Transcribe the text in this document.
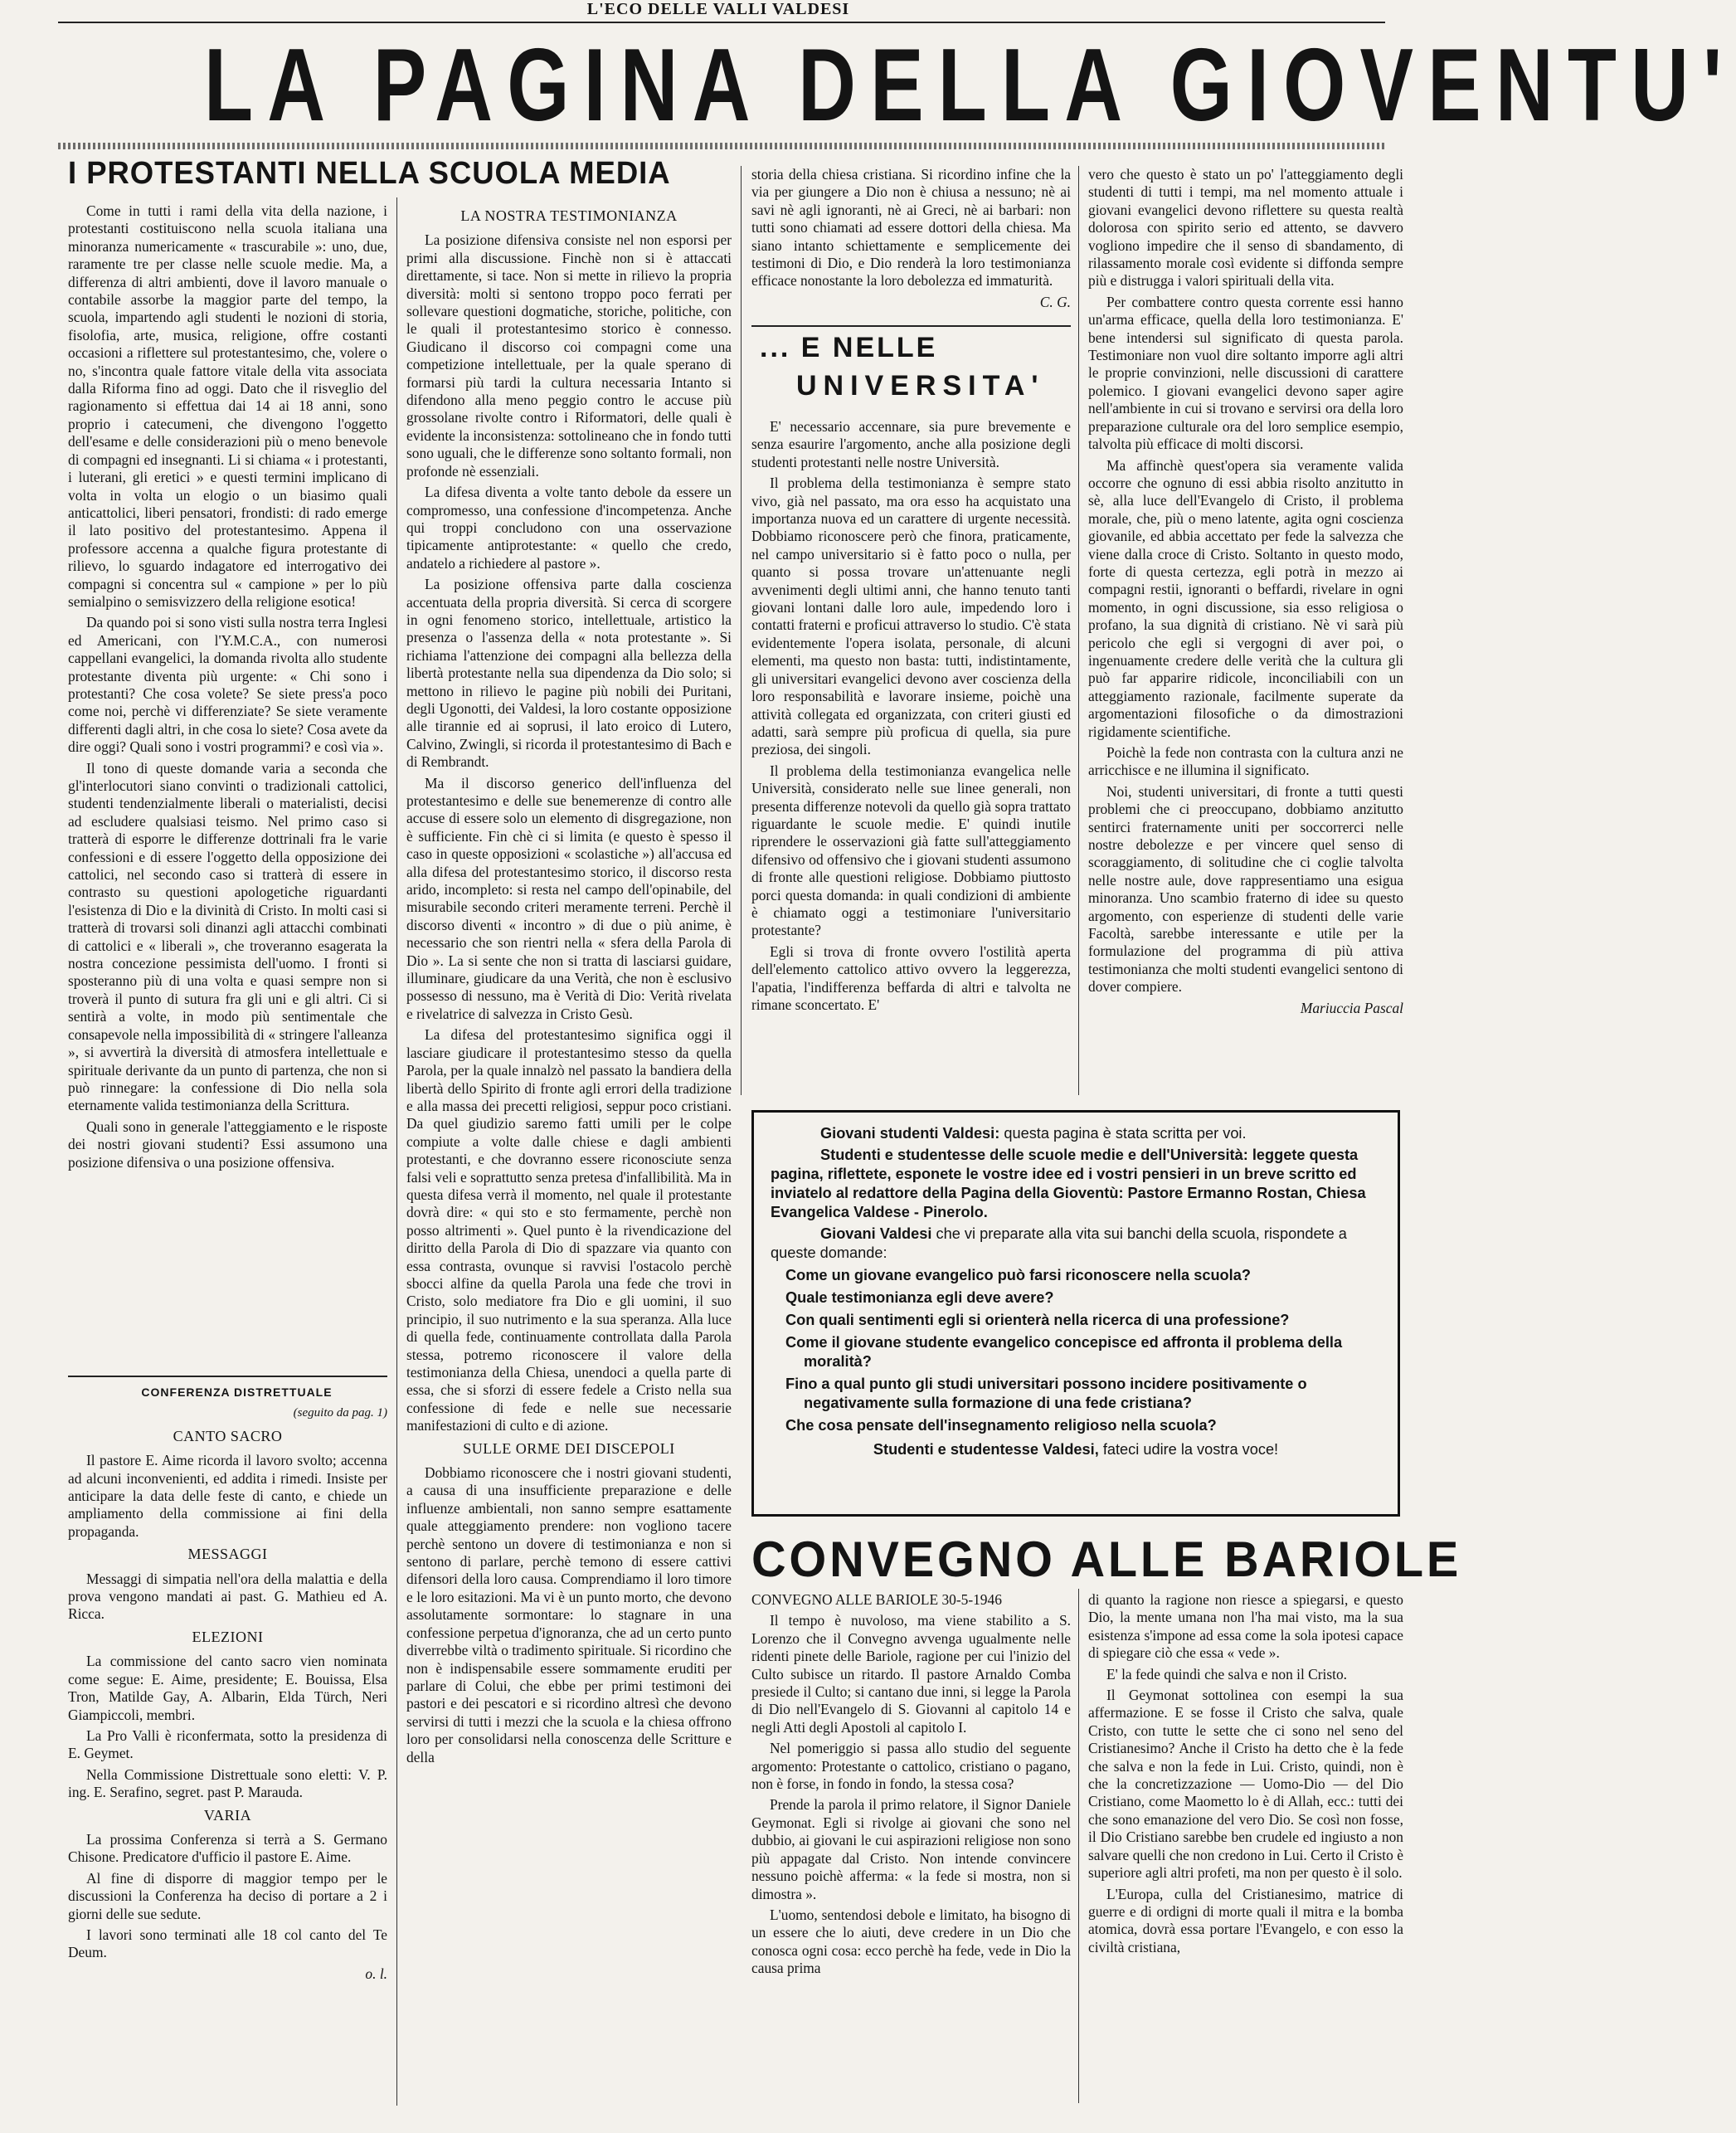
L'ECO DELLE VALLI VALDESI
LA PAGINA DELLA GIOVENTU'
I PROTESTANTI NELLA SCUOLA MEDIA

Come in tutti i rami della vita della nazione, i protestanti costituiscono nella scuola italiana una minoranza numericamente « trascurabile »: uno, due, raramente tre per classe nelle scuole medie. Ma, a differenza di altri ambienti, dove il lavoro manuale o contabile assorbe la maggior parte del tempo, la scuola, impartendo agli studenti le nozioni di storia, fisolofia, arte, musica, religione, offre costanti occasioni a riflettere sul protestantesimo, che, volere o no, s'incontra quale fattore vitale della vita associata dalla Riforma fino ad oggi. Dato che il risveglio del ragionamento si effettua dai 14 ai 18 anni, sono proprio i catecumeni, che divengono l'oggetto dell'esame e delle considerazioni più o meno benevole di compagni ed insegnanti. Li si chiama « i protestanti, i luterani, gli eretici » e questi termini implicano di volta in volta un elogio o un biasimo quali anticattolici, liberi pensatori, frondisti: di rado emerge il lato positivo del protestantesimo. Appena il professore accenna a qualche figura protestante di rilievo, lo sguardo indagatore ed interrogativo dei compagni si concentra sul « campione » per lo più semialpino o semisvizzero della religione esotica!

Da quando poi si sono visti sulla nostra terra Inglesi ed Americani, con l'Y.M.C.A., con numerosi cappellani evangelici, la domanda rivolta allo studente protestante diventa più urgente: « Chi sono i protestanti? Che cosa volete? Se siete press'a poco come noi, perchè vi differenziate? Se siete veramente differenti dagli altri, in che cosa lo siete? Cosa avete da dire oggi? Quali sono i vostri programmi? e così via ».

Il tono di queste domande varia a seconda che gl'interlocutori siano convinti o tradizionali cattolici, studenti tendenzialmente liberali o materialisti, decisi ad escludere qualsiasi teismo. Nel primo caso si tratterà di esporre le differenze dottrinali fra le varie confessioni e di essere l'oggetto della opposizione dei cattolici, nel secondo caso si tratterà di essere in contrasto su questioni apologetiche riguardanti l'esistenza di Dio e la divinità di Cristo. In molti casi si tratterà di trovarsi soli dinanzi agli attacchi combinati di cattolici e « liberali », che troveranno esagerata la nostra concezione pessimista dell'uomo. I fronti si sposteranno più di una volta e quasi sempre non si troverà il punto di sutura fra gli uni e gli altri. Ci si sentirà a volte, in modo più sentimentale che consapevole nella impossibilità di « stringere l'alleanza », si avvertirà la diversità di atmosfera intellettuale e spirituale derivante da un punto di partenza, che non si può rinnegare: la confessione di Dio nella sola eternamente valida testimonianza della Scrittura.

Quali sono in generale l'atteggiamento e le risposte dei nostri giovani studenti? Essi assumono una posizione difensiva o una posizione offensiva.

CONFERENZA DISTRETTUALE

(seguito da pag. 1)

CANTO SACRO

Il pastore E. Aime ricorda il lavoro svolto; accenna ad alcuni inconvenienti, ed addita i rimedi. Insiste per anticipare la data delle feste di canto, e chiede un ampliamento della commissione ai fini della propaganda.

MESSAGGI

Messaggi di simpatia nell'ora della malattia e della prova vengono mandati ai past. G. Mathieu ed A. Ricca.

ELEZIONI

La commissione del canto sacro vien nominata come segue: E. Aime, presidente; E. Bouissa, Elsa Tron, Matilde Gay, A. Albarin, Elda Türch, Neri Giampiccoli, membri.

La Pro Valli è riconfermata, sotto la presidenza di E. Geymet.

Nella Commissione Distrettuale sono eletti: V. P. ing. E. Serafino, segret. past P. Marauda.

VARIA

La prossima Conferenza si terrà a S. Germano Chisone. Predicatore d'ufficio il pastore E. Aime.

Al fine di disporre di maggior tempo per le discussioni la Conferenza ha deciso di portare a 2 i giorni delle sue sedute.

I lavori sono terminati alle 18 col canto del Te Deum.

o. l.

LA NOSTRA TESTIMONIANZA

La posizione difensiva consiste nel non esporsi per primi alla discussione. Finchè non si è attaccati direttamente, si tace. Non si mette in rilievo la propria diversità: molti si sentono troppo poco ferrati per sollevare questioni dogmatiche, storiche, politiche, con le quali il protestantesimo storico è connesso. Giudicano il discorso coi compagni come una competizione intellettuale, per la quale sperano di formarsi più tardi la cultura necessaria Intanto si difendono alla meno peggio contro le accuse più grossolane rivolte contro i Riformatori, delle quali è evidente la inconsistenza: sottolineano che in fondo tutti sono uguali, che le differenze sono soltanto formali, non profonde nè essenziali.

La difesa diventa a volte tanto debole da essere un compromesso, una confessione d'incompetenza. Anche qui troppi concludono con una osservazione tipicamente antiprotestante: « quello che credo, andatelo a richiedere al pastore ».

La posizione offensiva parte dalla coscienza accentuata della propria diversità. Si cerca di scorgere in ogni fenomeno storico, intellettuale, artistico la presenza o l'assenza della « nota protestante ». Si richiama l'attenzione dei compagni alla bellezza della libertà protestante nella sua dipendenza da Dio solo; si mettono in rilievo le pagine più nobili dei Puritani, degli Ugonotti, dei Valdesi, la loro costante opposizione alle tirannie ed ai soprusi, il lato eroico di Lutero, Calvino, Zwingli, si ricorda il protestantesimo di Bach e di Rembrandt.

Ma il discorso generico dell'influenza del protestantesimo e delle sue benemerenze di contro alle accuse di essere solo un elemento di disgregazione, non è sufficiente. Fin chè ci si limita (e questo è spesso il caso in queste opposizioni « scolastiche ») all'accusa ed alla difesa del protestantesimo storico, il discorso resta arido, incompleto: si resta nel campo dell'opinabile, del misurabile secondo criteri meramente terreni. Perchè il discorso diventi « incontro » di due o più anime, è necessario che son rientri nella « sfera della Parola di Dio ». La si sente che non si tratta di lasciarsi guidare, illuminare, giudicare da una Verità, che non è esclusivo possesso di nessuno, ma è Verità di Dio: Verità rivelata e rivelatrice di salvezza in Cristo Gesù.

La difesa del protestantesimo significa oggi il lasciare giudicare il protestantesimo stesso da quella Parola, per la quale innalzò nel passato la bandiera della libertà dello Spirito di fronte agli errori della tradizione e alla massa dei precetti religiosi, seppur poco cristiani. Da quel giudizio saremo fatti umili per le colpe compiute a volte dalle chiese e dagli ambienti protestanti, e che dovranno essere riconosciute senza falsi veli e soprattutto senza pretesa d'infallibilità. Ma in questa difesa verrà il momento, nel quale il protestante dovrà dire: « qui sto e sto fermamente, perchè non posso altrimenti ». Quel punto è la rivendicazione del diritto della Parola di Dio di spazzare via quanto con essa contrasta, ovunque si ravvisi l'ostacolo perchè sbocci alfine da quella Parola una fede che trovi in Cristo, solo mediatore fra Dio e gli uomini, il suo principio, il suo nutrimento e la sua speranza. Alla luce di quella fede, continuamente controllata dalla Parola stessa, potremo riconoscere il valore della testimonianza della Chiesa, unendoci a quella parte di essa, che si sforzi di essere fedele a Cristo nella sua confessione di fede e nelle sue necessarie manifestazioni di culto e di azione.

SULLE ORME DEI DISCEPOLI

Dobbiamo riconoscere che i nostri giovani studenti, a causa di una insufficiente preparazione e delle influenze ambientali, non sanno sempre esattamente quale atteggiamento prendere: non vogliono tacere perchè sentono un dovere di testimonianza e non si sentono di parlare, perchè temono di essere cattivi difensori della loro causa. Comprendiamo il loro timore e le loro esitazioni. Ma vi è un punto morto, che devono assolutamente sormontare: lo stagnare in una confessione perpetua d'ignoranza, che ad un certo punto diverrebbe viltà o tradimento spirituale. Si ricordino che non è indispensabile essere sommamente eruditi per parlare di Colui, che ebbe per primi testimoni dei pastori e dei pescatori e si ricordino altresì che devono servirsi di tutti i mezzi che la scuola e la chiesa offrono loro per consolidarsi nella conoscenza delle Scritture e della

storia della chiesa cristiana. Si ricordino infine che la via per giungere a Dio non è chiusa a nessuno; nè ai savi nè agli ignoranti, nè ai Greci, nè ai barbari: non tutti sono chiamati ad essere dottori della chiesa. Ma siano intanto schiettamente e semplicemente dei testimoni di Dio, e Dio renderà la loro testimonianza efficace nonostante la loro debolezza ed immaturità.

C. G.

... E NELLE
UNIVERSITA'

E' necessario accennare, sia pure brevemente e senza esaurire l'argomento, anche alla posizione degli studenti protestanti nelle nostre Università.

Il problema della testimonianza è sempre stato vivo, già nel passato, ma ora esso ha acquistato una importanza nuova ed un carattere di urgente necessità. Dobbiamo riconoscere però che finora, praticamente, nel campo universitario si è fatto poco o nulla, per quanto si possa trovare un'attenuante negli avvenimenti degli ultimi anni, che hanno tenuto tanti giovani lontani dalle loro aule, impedendo loro i contatti fraterni e proficui attraverso lo studio. C'è stata evidentemente l'opera isolata, personale, di alcuni elementi, ma questo non basta: tutti, indistintamente, gli universitari evangelici devono aver coscienza della loro responsabilità e lavorare insieme, poichè una attività collegata ed organizzata, con criteri giusti ed adatti, sarà sempre più proficua di quella, sia pure preziosa, dei singoli.

Il problema della testimonianza evangelica nelle Università, considerato nelle sue linee generali, non presenta differenze notevoli da quello già sopra trattato riguardante le scuole medie. E' quindi inutile riprendere le osservazioni già fatte sull'atteggiamento difensivo od offensivo che i giovani studenti assumono di fronte alle questioni religiose. Dobbiamo piuttosto porci questa domanda: in quali condizioni di ambiente è chiamato oggi a testimoniare l'universitario protestante?

Egli si trova di fronte ovvero l'ostilità aperta dell'elemento cattolico attivo ovvero la leggerezza, l'apatia, l'indifferenza beffarda di altri e talvolta ne rimane sconcertato. E'

vero che questo è stato un po' l'atteggiamento degli studenti di tutti i tempi, ma nel momento attuale i giovani evangelici devono riflettere su questa realtà dolorosa con spirito serio ed attento, se davvero vogliono impedire che il senso di sbandamento, di rilassamento morale così evidente si diffonda sempre più e distrugga i valori spirituali della vita.

Per combattere contro questa corrente essi hanno un'arma efficace, quella della loro testimonianza. E' bene intendersi sul significato di questa parola. Testimoniare non vuol dire soltanto imporre agli altri le proprie convinzioni, nelle discussioni di carattere polemico. I giovani evangelici devono saper agire nell'ambiente in cui si trovano e servirsi ora della loro preparazione culturale ora del loro semplice esempio, talvolta più efficace di molti discorsi.

Ma affinchè quest'opera sia veramente valida occorre che ognuno di essi abbia risolto anzitutto in sè, alla luce dell'Evangelo di Cristo, il problema morale, che, più o meno latente, agita ogni coscienza giovanile, ed abbia accettato per fede la salvezza che viene dalla croce di Cristo. Soltanto in questo modo, forte di questa certezza, egli potrà in mezzo ai compagni restii, ignoranti o beffardi, rivelare in ogni momento, in ogni discussione, sia esso religiosa o profano, la sua dignità di cristiano. Nè vi sarà più pericolo che egli si vergogni di aver poi, o ingenuamente credere delle verità che la cultura gli può far apparire ridicole, inconciliabili con un atteggiamento razionale, facilmente superate da argomentazioni filosofiche o da dimostrazioni rigidamente scientifiche.

Poichè la fede non contrasta con la cultura anzi ne arricchisce e ne illumina il significato.

Noi, studenti universitari, di fronte a tutti questi problemi che ci preoccupano, dobbiamo anzitutto sentirci fraternamente uniti per soccorrerci nelle nostre debolezze e per vincere quel senso di scoraggiamento, di solitudine che ci coglie talvolta nelle nostre aule, dove rappresentiamo una esigua minoranza. Uno scambio fraterno di idee su questo argomento, con esperienze di studenti delle varie Facoltà, sarebbe interessante e utile per la formulazione del programma di più attiva testimonianza che molti studenti evangelici sentono di dover compiere.

Mariuccia Pascal

Giovani studenti Valdesi: questa pagina è stata scritta per voi.

Studenti e studentesse delle scuole medie e dell'Università: leggete questa pagina, riflettete, esponete le vostre idee ed i vostri pensieri in un breve scritto ed inviatelo al redattore della Pagina della Gioventù: Pastore Ermanno Rostan, Chiesa Evangelica Valdese - Pinerolo.

Giovani Valdesi che vi preparate alla vita sui banchi della scuola, rispondete a queste domande:

Come un giovane evangelico può farsi riconoscere nella scuola?

Quale testimonianza egli deve avere?

Con quali sentimenti egli si orienterà nella ricerca di una professione?

Come il giovane studente evangelico concepisce ed affronta il problema della moralità?

Fino a qual punto gli studi universitari possono incidere positivamente o negativamente sulla formazione di una fede cristiana?

Che cosa pensate dell'insegnamento religioso nella scuola?

Studenti e studentesse Valdesi, fateci udire la vostra voce!

CONVEGNO ALLE BARIOLE

CONVEGNO ALLE BARIOLE 30-5-1946

Il tempo è nuvoloso, ma viene stabilito a S. Lorenzo che il Convegno avvenga ugualmente nelle ridenti pinete delle Bariole, ragione per cui l'inizio del Culto subisce un ritardo. Il pastore Arnaldo Comba presiede il Culto; si cantano due inni, si legge la Parola di Dio nell'Evangelo di S. Giovanni al capitolo 14 e negli Atti degli Apostoli al capitolo I.

Nel pomeriggio si passa allo studio del seguente argomento: Protestante o cattolico, cristiano o pagano, non è forse, in fondo in fondo, la stessa cosa?

Prende la parola il primo relatore, il Signor Daniele Geymonat. Egli si rivolge ai giovani che sono nel dubbio, ai giovani le cui aspirazioni religiose non sono più appagate dal Cristo. Non intende convincere nessuno poichè afferma: « la fede si mostra, non si dimostra ».

L'uomo, sentendosi debole e limitato, ha bisogno di un essere che lo aiuti, deve credere in un Dio che conosca ogni cosa: ecco perchè ha fede, vede in Dio la causa prima

di quanto la ragione non riesce a spiegarsi, e questo Dio, la mente umana non l'ha mai visto, ma la sua esistenza s'impone ad essa come la sola ipotesi capace di spiegare ciò che essa « vede ».

E' la fede quindi che salva e non il Cristo.

Il Geymonat sottolinea con esempi la sua affermazione. E se fosse il Cristo che salva, quale Cristo, con tutte le sette che ci sono nel seno del Cristianesimo? Anche il Cristo ha detto che è la fede che salva e non la fede in Lui. Cristo, quindi, non è che la concretizzazione — Uomo-Dio — del Dio Cristiano, come Maometto lo è di Allah, ecc.: tutti dei che sono emanazione del vero Dio. Se così non fosse, il Dio Cristiano sarebbe ben crudele ed ingiusto a non salvare quelli che non credono in Lui. Certo il Cristo è superiore agli altri profeti, ma non per questo è il solo.

L'Europa, culla del Cristianesimo, matrice di guerre e di ordigni di morte quali il mitra e la bomba atomica, dovrà essa portare l'Evangelo, e con esso la civiltà cristiana,
